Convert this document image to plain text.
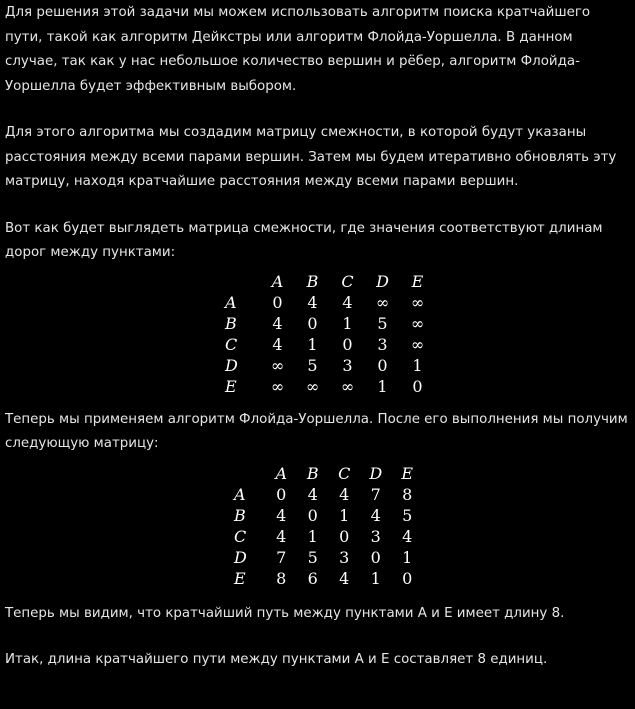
Для решения этой задачи мы можем использовать алгоритм поиска кратчайшего пути, такой как алгоритм Дейкстры или алгоритм Флойда-Уоршелла. В данном случае, так как у нас небольшое количество вершин и рёбер, алгоритм Флойда-Уоршелла будет эффективным выбором.

Для этого алгоритма мы создадим матрицу смежности, в которой будут указаны расстояния между всеми парами вершин. Затем мы будем итеративно обновлять эту матрицу, находя кратчайшие расстояния между всеми парами вершин.

Вот как будет выглядеть матрица смежности, где значения соответствуют длинам дорог между пунктами:

	A	B	C	D	E
A	0	4	4	∞	∞
B	4	0	1	5	∞
C	4	1	0	3	∞
D	∞	5	3	0	1
E	∞	∞	∞	1	0

Теперь мы применяем алгоритм Флойда-Уоршелла. После его выполнения мы получим следующую матрицу:

	A	B	C	D	E
A	0	4	4	7	8
B	4	0	1	4	5
C	4	1	0	3	4
D	7	5	3	0	1
E	8	6	4	1	0

Теперь мы видим, что кратчайший путь между пунктами A и E имеет длину 8.

Итак, длина кратчайшего пути между пунктами A и E составляет 8 единиц.
